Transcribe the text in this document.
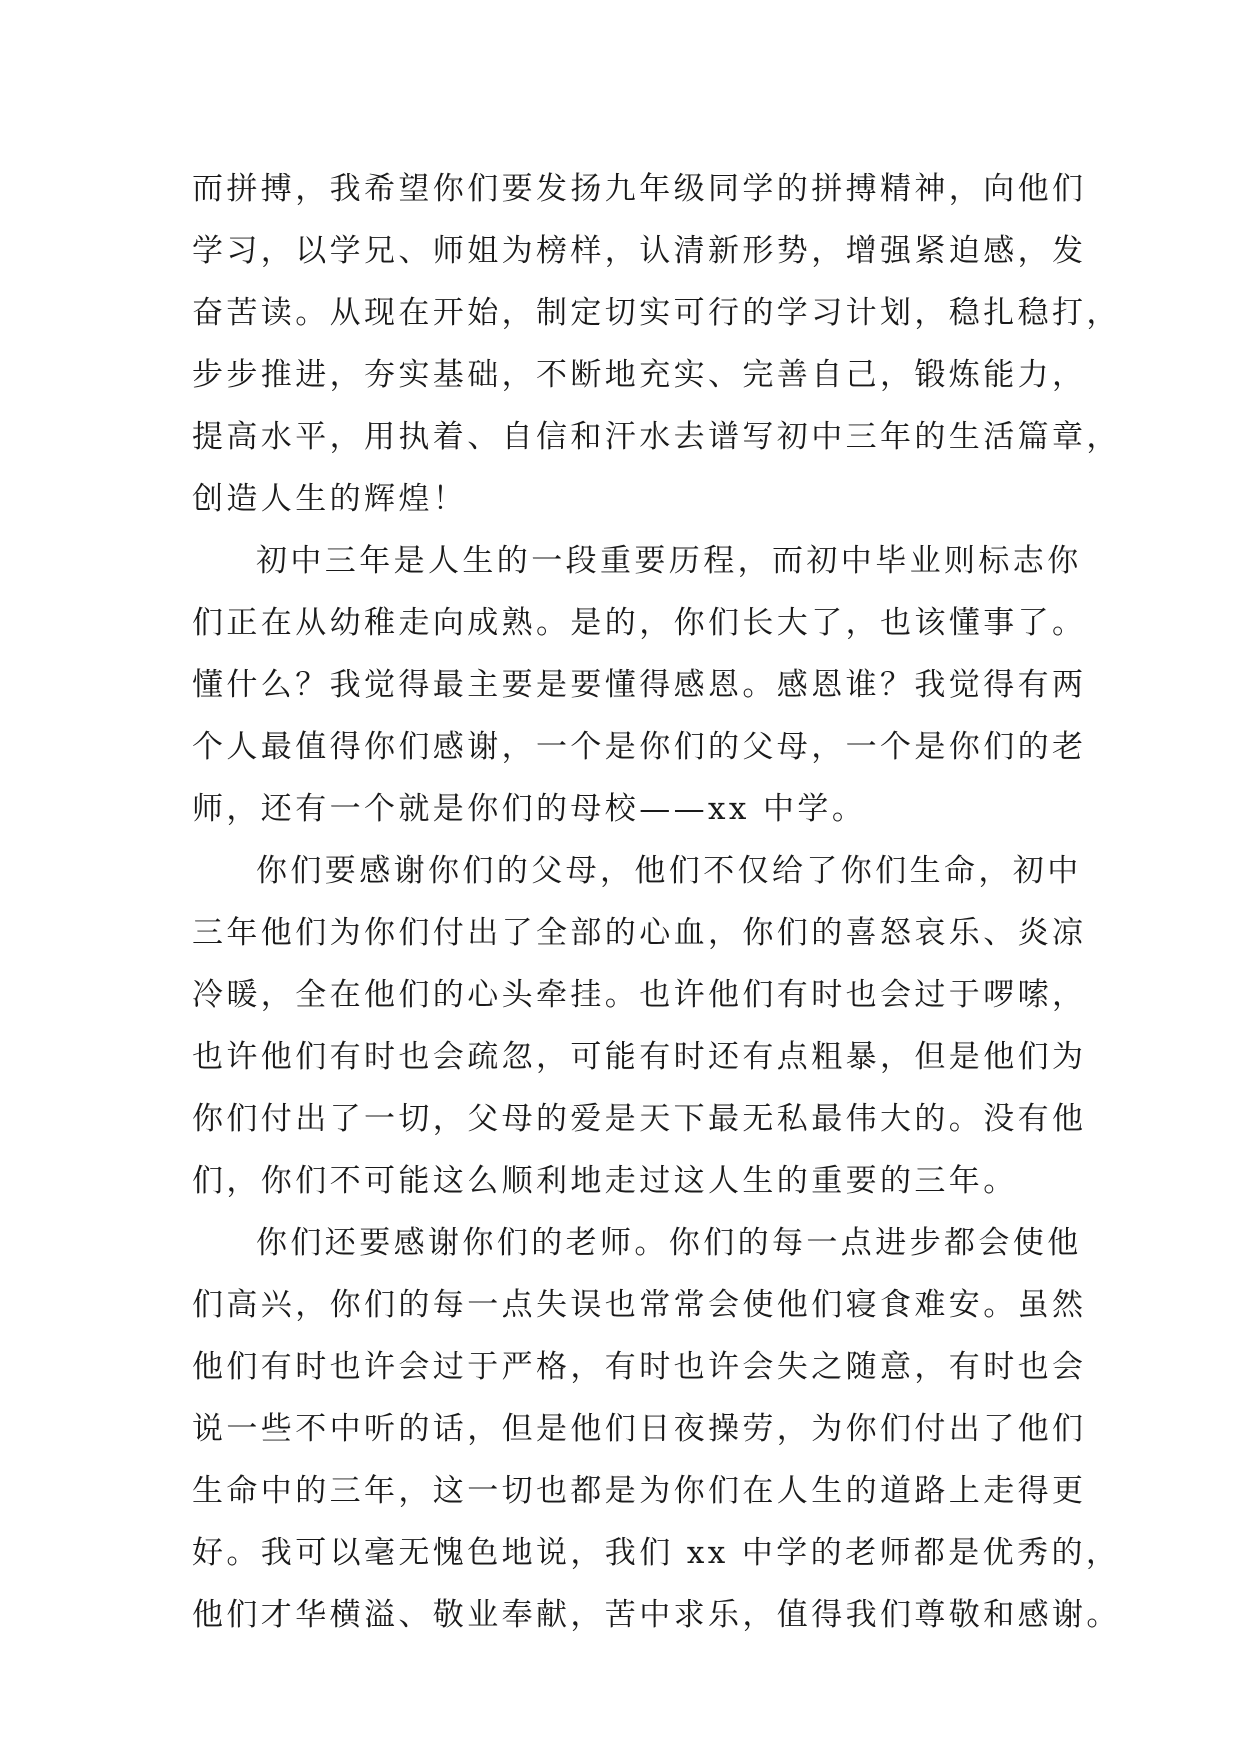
而拼搏，我希望你们要发扬九年级同学的拼搏精神，向他们
学习，以学兄、师姐为榜样，认清新形势，增强紧迫感，发
奋苦读。从现在开始，制定切实可行的学习计划，稳扎稳打，
步步推进，夯实基础，不断地充实、完善自己，锻炼能力，
提高水平，用执着、自信和汗水去谱写初中三年的生活篇章，
创造人生的辉煌！
初中三年是人生的一段重要历程，而初中毕业则标志你
们正在从幼稚走向成熟。是的，你们长大了，也该懂事了。
懂什么？我觉得最主要是要懂得感恩。感恩谁？我觉得有两
个人最值得你们感谢，一个是你们的父母，一个是你们的老
师，还有一个就是你们的母校——xx 中学。
你们要感谢你们的父母，他们不仅给了你们生命，初中
三年他们为你们付出了全部的心血，你们的喜怒哀乐、炎凉
冷暖，全在他们的心头牵挂。也许他们有时也会过于啰嗦，
也许他们有时也会疏忽，可能有时还有点粗暴，但是他们为
你们付出了一切，父母的爱是天下最无私最伟大的。没有他
们，你们不可能这么顺利地走过这人生的重要的三年。
你们还要感谢你们的老师。你们的每一点进步都会使他
们高兴，你们的每一点失误也常常会使他们寝食难安。虽然
他们有时也许会过于严格，有时也许会失之随意，有时也会
说一些不中听的话，但是他们日夜操劳，为你们付出了他们
生命中的三年，这一切也都是为你们在人生的道路上走得更
好。我可以毫无愧色地说，我们 xx 中学的老师都是优秀的，
他们才华横溢、敬业奉献，苦中求乐，值得我们尊敬和感谢。
